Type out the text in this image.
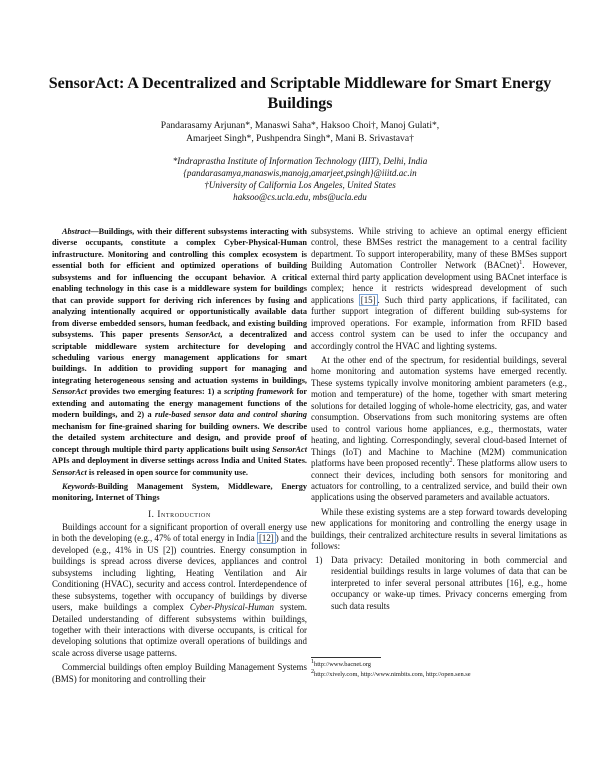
SensorAct: A Decentralized and Scriptable Middleware for Smart Energy Buildings
Pandarasamy Arjunan*, Manaswi Saha*, Haksoo Choi†, Manoj Gulati*,
Amarjeet Singh*, Pushpendra Singh*, Mani B. Srivastava†
*Indraprastha Institute of Information Technology (IIIT), Delhi, India
{pandarasamya,manaswis,manojg,amarjeet,psingh}@iiitd.ac.in
†University of California Los Angeles, United States
haksoo@cs.ucla.edu, mbs@ucla.edu

Abstract—Buildings, with their different subsystems interacting with diverse occupants, constitute a complex Cyber-Physical-Human infrastructure. Monitoring and controlling this complex ecosystem is essential both for efficient and optimized operations of building subsystems and for influencing the occupant behavior. A critical enabling technology in this case is a middleware system for buildings that can provide support for deriving rich inferences by fusing and analyzing intentionally acquired or opportunistically available data from diverse embedded sensors, human feedback, and existing building subsystems. This paper presents SensorAct, a decentralized and scriptable middleware system architecture for developing and scheduling various energy management applications for smart buildings. In addition to providing support for managing and integrating heterogeneous sensing and actuation systems in buildings, SensorAct provides two emerging features: 1) a scripting framework for extending and automating the energy management functions of the modern buildings, and 2) a rule-based sensor data and control sharing mechanism for fine-grained sharing for building owners. We describe the detailed system architecture and design, and provide proof of concept through multiple third party applications built using SensorAct APIs and deployment in diverse settings across India and United States. SensorAct is released in open source for community use.

Keywords-Building Management System, Middleware, Energy monitoring, Internet of Things

I. Introduction

Buildings account for a significant proportion of overall energy use in both the developing (e.g., 47% of total energy in India [12] ) and the developed (e.g., 41% in US [2]) countries. Energy consumption in buildings is spread across diverse devices, appliances and control subsystems including lighting, Heating Ventilation and Air Conditioning (HVAC), security and access control. Interdependence of these subsystems, together with occupancy of buildings by diverse users, make buildings a complex Cyber-Physical-Human system. Detailed understanding of different subsystems within buildings, together with their interactions with diverse occupants, is critical for developing solutions that optimize overall operations of buildings and scale across diverse usage patterns.

Commercial buildings often employ Building Management Systems (BMS) for monitoring and controlling their

subsystems. While striving to achieve an optimal energy efficient control, these BMSes restrict the management to a central facility department. To support interoperability, many of these BMSes support Building Automation Controller Network (BACnet)$^1$. However, external third party application development using BACnet interface is complex; hence it restricts widespread development of such applications [15] . Such third party applications, if facilitated, can further support integration of different building sub-systems for improved operations. For example, information from RFID based access control system can be used to infer the occupancy and accordingly control the HVAC and lighting systems.

At the other end of the spectrum, for residential buildings, several home monitoring and automation systems have emerged recently. These systems typically involve monitoring ambient parameters (e.g., motion and temperature) of the home, together with smart metering solutions for detailed logging of whole-home electricity, gas, and water consumption. Observations from such monitoring systems are often used to control various home appliances, e.g., thermostats, water heating, and lighting. Correspondingly, several cloud-based Internet of Things (IoT) and Machine to Machine (M2M) communication platforms have been proposed recently$^2$. These platforms allow users to connect their devices, including both sensors for monitoring and actuators for controlling, to a centralized service, and build their own applications using the observed parameters and available actuators.

While these existing systems are a step forward towards developing new applications for monitoring and controlling the energy usage in buildings, their centralized architecture results in several limitations as follows:

1) Data privacy: Detailed monitoring in both commercial and residential buildings results in large volumes of data that can be interpreted to infer several personal attributes [16], e.g., home occupancy or wake-up times. Privacy concerns emerging from such data results
$^1$http://www.bacnet.org
$^2$http://xively.com, http://www.nimbits.com, http://open.sen.se
